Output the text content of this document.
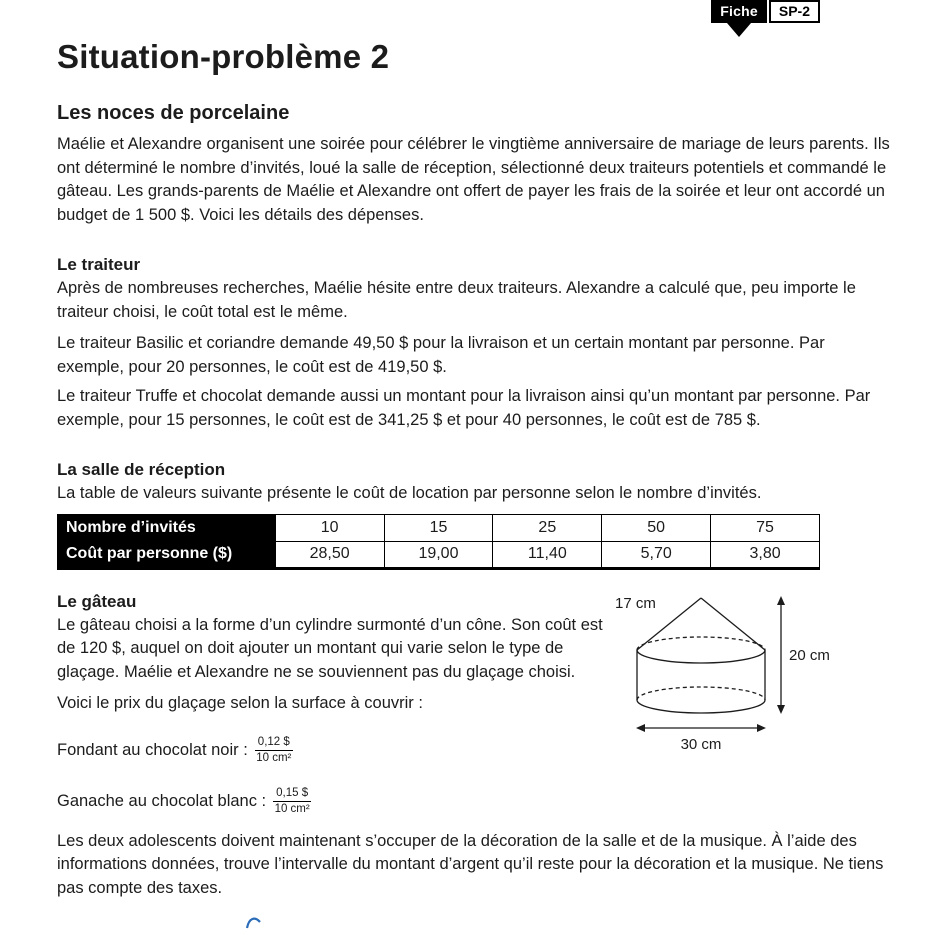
Fiche	SP-2
Situation-problème 2
Les noces de porcelaine

Maélie et Alexandre organisent une soirée pour célébrer le vingtième anniversaire de mariage de leurs parents. Ils ont déterminé le nombre d’invités, loué la salle de réception, sélectionné deux traiteurs potentiels et commandé le gâteau. Les grands-parents de Maélie et Alexandre ont offert de payer les frais de la soirée et leur ont accordé un budget de 1 500 $. Voici les détails des dépenses.

Le traiteur

Après de nombreuses recherches, Maélie hésite entre deux traiteurs. Alexandre a calculé que, peu importe le traiteur choisi, le coût total est le même.

Le traiteur Basilic et coriandre demande 49,50 $ pour la livraison et un certain montant par personne. Par exemple, pour 20 personnes, le coût est de 419,50 $.

Le traiteur Truffe et chocolat demande aussi un montant pour la livraison ainsi qu’un montant par personne. Par exemple, pour 15 personnes, le coût est de 341,25 $ et pour 40 personnes, le coût est de 785 $.

La salle de réception

La table de valeurs suivante présente le coût de location par personne selon le nombre d’invités.

Nombre d’invités	10	15	25	50	75
Coût par personne ($)	28,50	19,00	11,40	5,70	3,80
Le gâteau

Le gâteau choisi a la forme d’un cylindre surmonté d’un cône. Son coût est de 120 $, auquel on doit ajouter un montant qui varie selon le type de glaçage. Maélie et Alexandre ne se souviennent pas du glaçage choisi.

Voici le prix du glaçage selon la surface à couvrir :

Fondant au chocolat noir : $\frac{0,12 \$}{\text{10 cm²}}$
Ganache au chocolat blanc : $\frac{0,15 \$}{\text{10 cm²}}$
17 cm
20 cm
30 cm

Les deux adolescents doivent maintenant s’occuper de la décoration de la salle et de la musique. À l’aide des informations données, trouve l’intervalle du montant d’argent qu’il reste pour la décoration et la musique. Ne tiens pas compte des taxes.
